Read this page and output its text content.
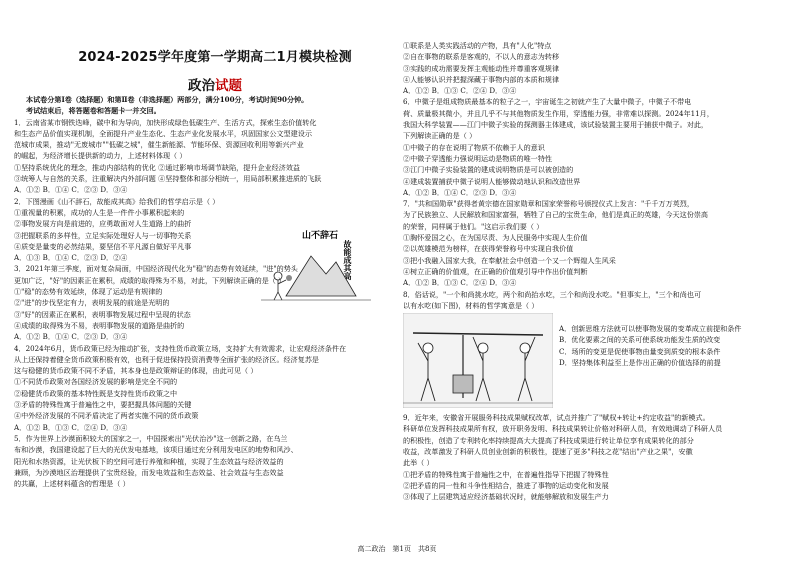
2024-2025学年度第一学期高二1月模块检测
政治试题

本试卷分第Ⅰ卷（选择题）和第Ⅱ卷（非选择题）两部分，满分100分，考试时间90分钟。

考试结束后，将答题卷和答题卡一并交回。

1．云南省某市钢铁迭峰，碳中和为导向，加快形成绿色低碳生产、生活方式，探索生态价值转化

和生态产品价值实现机制，全面提升产业生态化、生态产业化发展水平，巩固国家公文型建设示

范城市成果，推动"无废城市""低碳之城"，催生新能源、节能环保、资源回收利用等新兴产业

的崛起，为经济增长提供新的动力，上述材料体现（ ）

①坚持系统优化的理念，推动内部结构的优化 ②通过影响市场调节缺陷，提升企业经济效益

③统筹人与自然的关系，注重解决内外部问题 ④坚持整体和部分相统一，用局部积累推进质的飞跃

A．①② B．①④ C．②③ D．③④

2．下图漫画《山不辞石，故能成其高》给我们的哲学启示是（ ）

①重视量的积累，成功的人生是一件件小事累积起来的

②事物发展方向是前进的，应勇敢面对人生道路上的曲折

③把握联系的多样性，立足实际处理好人与一切事物关系

④质变是量变的必然结果，要坚信不平凡源自做好平凡事

A．①③ B．①④ C．②③ D．②④

3．2021年第三季度，面对复杂局面，中国经济现代化为"稳"的态势有效延续，"进"的势头

更加广泛，"好"的因素正在累积，成绩的取得殊为不易，对此，下列解读正确的是（ ）

①"稳"的态势有效延续，体现了运动是有规律的

②"进"的步伐坚定有力，表明发展的前途是光明的

③"好"的因素正在累积，表明事物发展过程中呈现的状态

④成绩的取得殊为不易，表明事物发展的道路是曲折的

A．①② B．①④ C．②③ D．③④

4．2024年6月，货币政策已经为推动扩张，支持性货币政策立场，支持扩大有效需求，让宏观经济条件在

从上还保持着健全货币政策积极有效，也利于促进保持投资消费等全面扩张的经济区。经济复苏是

这与稳健的货币政策不同不矛盾，其本身也是政策辩证的体现，由此可见（ ）

①不同货币政策对各国经济发展的影响是完全不同的

②稳健货币政策的基本特性既是支持性货币政策之中

③矛盾的特殊性寓于普遍性之中，要把握具体问题的关键

④中外经济发展的不同矛盾决定了两者实施不同的货币政策

A．①② B．①③ C．②④ D．③④

5．作为世界上沙漠面积较大的国家之一，中国探索出"光伏治沙"这一创新之路，在乌兰

布和沙漠，我国建设起了巨大的光伏发电基地，该项目通过充分利用发电区的地势和风沙、

阳光和水热资源，让光伏板下的空间可进行养殖和种植，实现了生态效益与经济效益的

兼顾，为沙漠地区治理提供了宝贵经验，而发电效益和生态效益、社会效益与生态效益

的共赢，上述材料蕴含的哲理是（ ）

山不辞石
故能成其高

①联系是人类实践活动的产物，具有"人化"特点

②自在事物的联系是客观的，不以人的意志为转移

③实践的成功需要发挥主观能动性并尊重客观规律

④人能够认识并把握深藏于事物内部的本质和规律

A．①② B．①③ C．②④ D．③④

6．中微子是组成物质最基本的粒子之一，宇宙诞生之初就产生了大量中微子，中微子不带电

荷、质量极其微小，并且几乎不与其他物质发生作用，穿透能力强，非常难以探测。2024年11月，

我国大科学装置——江门中微子实验的探测器主体建成，该试验装置主要用于捕获中微子。对此，

下列解读正确的是（ ）

①中微子的存在说明了物质不依赖于人的意识

②中微子穿透能力强说明运动是物质的唯一特性

③江门中微子实验装置的建成说明物质是可以被创造的

④建成装置捕获中微子说明人能够做动地认识和改造世界

A．①② B．①④ C．②③ D．③④

7．"共和国勋章"获得者黄宗德在国家勋章和国家荣誉称号颁授仪式上发言："千千万万英烈，

为了民族独立、人民解放和国家富强，牺牲了自己的宝贵生命，他们是真正的英雄，今天这份崇高

的荣誉，同样属于他们。"这启示我们要（ ）

①胸怀爱国之心，在为国尽责、为人民服务中实现人生价值

②以英雄模范为榜样，在获得荣誉称号中实现自我价值

③把小我融入国家大我，在奉献社会中创造一个又一个辉煌人生风采

④树立正确的价值观，在正确的价值观引导中作出价值判断

A．①② B．①③ C．②④ D．③④

8．俗话说，"一个和尚挑水吃，两个和尚抬水吃，三个和尚没水吃。"但事实上，"三个和尚也可

以有水吃(如下图)，材料的哲学寓意是（ ）

A．创新思维方法就可以使事物发展的变革成立前提和条件

B．优化要素之间的关系可使系统功能发生质的改变

C．场所的变更是促使事物由量变到质变的根本条件

D．坚持集体利益至上是作出正确的价值选择的前提

9．近年来，安徽省开展服务科技成果赋权改革，试点并推广了"赋权+转让+约定收益"的新模式。

科研单位发挥科技成果所有权，放开职务发明、科技成果转让价格对科研人员，有效地调动了科研人员

的积极性，创造了专利转化率持续提高大大提高了科技成果进行转让单位享有成果转化的部分

收益，改革激发了科研人员创业创新的积极性，提速了更多"科技之花"结出"产业之果"，安徽

此举（ ）

①把矛盾的特殊性寓于普遍性之中，在普遍性指导下把握了特殊性

②把矛盾的同一性和斗争性相结合，推进了事物的运动变化和发展

③体现了上层建筑适应经济基础状况时，就能够解放和发展生产力

高二政治　第1页　共8页
